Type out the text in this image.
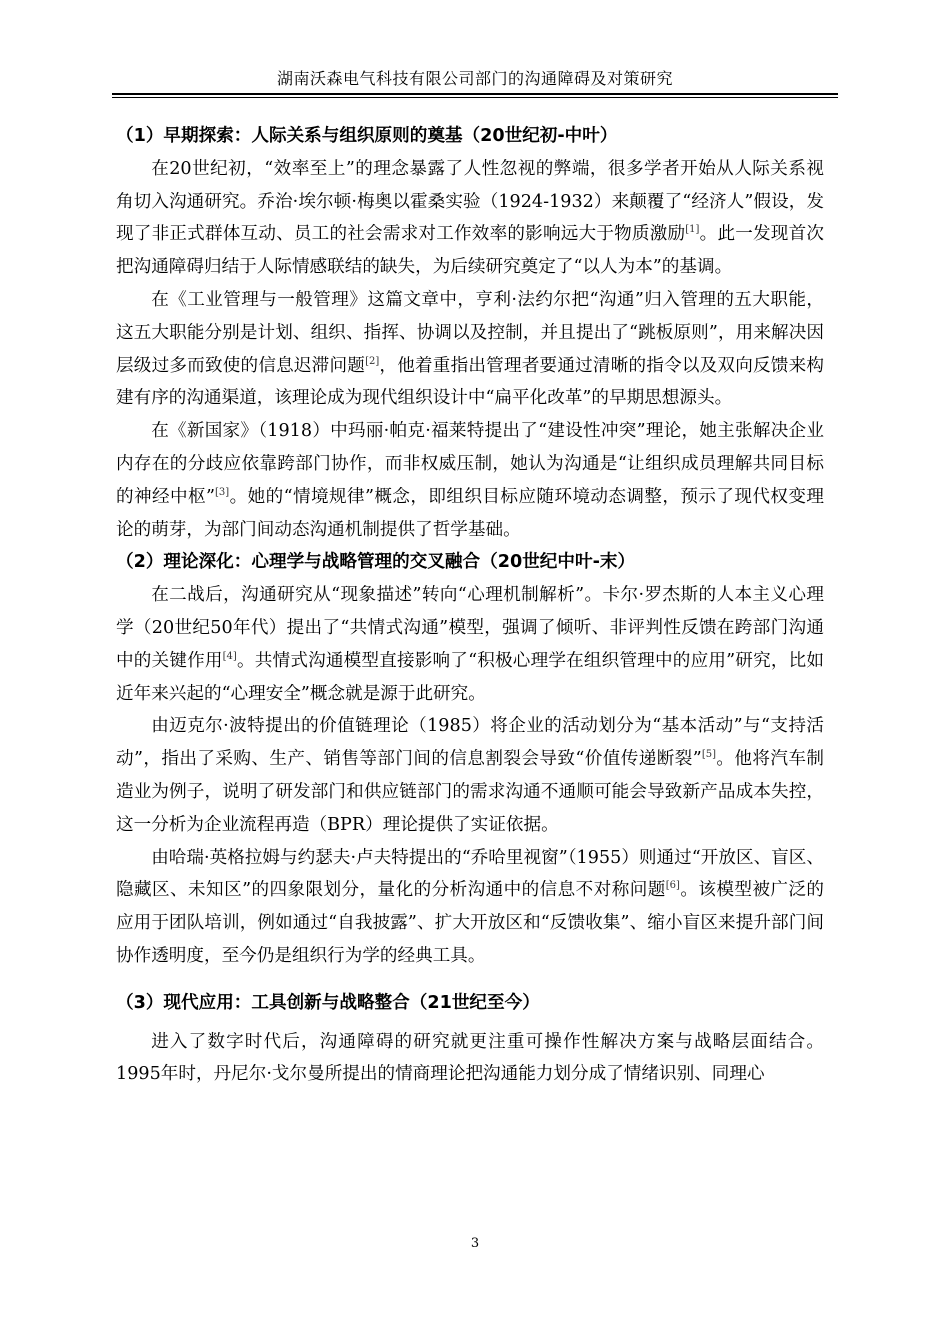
湖南沃森电气科技有限公司部门的沟通障碍及对策研究
（1）早期探索：人际关系与组织原则的奠基（20世纪初-中叶）

在20世纪初，“效率至上”的理念暴露了人性忽视的弊端，很多学者开始从人际关系视角切入沟通研究。乔治·埃尔顿·梅奥以霍桑实验（1924-1932）来颠覆了“经济人”假设，发现了非正式群体互动、员工的社会需求对工作效率的影响远大于物质激励[1]。此一发现首次把沟通障碍归结于人际情感联结的缺失，为后续研究奠定了“以人为本”的基调。

在《工业管理与一般管理》这篇文章中，亨利·法约尔把“沟通”归入管理的五大职能，这五大职能分别是计划、组织、指挥、协调以及控制，并且提出了“跳板原则”，用来解决因层级过多而致使的信息迟滞问题[2]，他着重指出管理者要通过清晰的指令以及双向反馈来构建有序的沟通渠道，该理论成为现代组织设计中“扁平化改革”的早期思想源头。

在《新国家》（1918）中玛丽·帕克·福莱特提出了“建设性冲突”理论，她主张解决企业内存在的分歧应依靠跨部门协作，而非权威压制，她认为沟通是“让组织成员理解共同目标的神经中枢”[3]。她的“情境规律”概念，即组织目标应随环境动态调整，预示了现代权变理论的萌芽，为部门间动态沟通机制提供了哲学基础。

（2）理论深化：心理学与战略管理的交叉融合（20世纪中叶-末）

在二战后，沟通研究从“现象描述”转向“心理机制解析”。卡尔·罗杰斯的人本主义心理学（20世纪50年代）提出了“共情式沟通”模型，强调了倾听、非评判性反馈在跨部门沟通中的关键作用[4]。共情式沟通模型直接影响了“积极心理学在组织管理中的应用”研究，比如近年来兴起的“心理安全”概念就是源于此研究。

由迈克尔·波特提出的价值链理论（1985）将企业的活动划分为“基本活动”与“支持活动”，指出了采购、生产、销售等部门间的信息割裂会导致“价值传递断裂”[5]。他将汽车制造业为例子，说明了研发部门和供应链部门的需求沟通不通顺可能会导致新产品成本失控，这一分析为企业流程再造（BPR）理论提供了实证依据。

由哈瑞·英格拉姆与约瑟夫·卢夫特提出的“乔哈里视窗”（1955）则通过“开放区、盲区、隐藏区、未知区”的四象限划分，量化的分析沟通中的信息不对称问题[6]。该模型被广泛的应用于团队培训，例如通过“自我披露”、扩大开放区和“反馈收集”、缩小盲区来提升部门间协作透明度，至今仍是组织行为学的经典工具。

（3）现代应用：工具创新与战略整合（21世纪至今）

进入了数字时代后，沟通障碍的研究就更注重可操作性解决方案与战略层面结合。1995年时，丹尼尔·戈尔曼所提出的情商理论把沟通能力划分成了情绪识别、同理心

3
